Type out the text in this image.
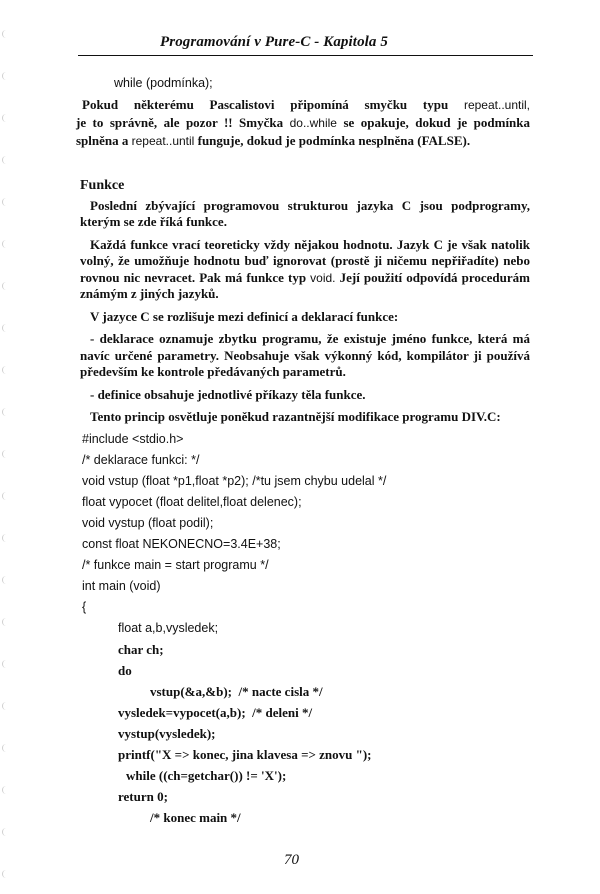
Programování v Pure-C - Kapitola 5
while (podmínka);

Pokud některému Pascalistovi připomíná smyčku typu repeat..until,
je to správně, ale pozor !! Smyčka do..while se opakuje, dokud je podmínka
splněna a repeat..until funguje, dokud je podmínka nesplněna (FALSE).

Funkce

Poslední zbývající programovou strukturou jazyka C jsou podprogramy, kterým se zde říká funkce.

Každá funkce vrací teoreticky vždy nějakou hodnotu. Jazyk C je však natolik volný, že umožňuje hodnotu buď ignorovat (prostě ji ničemu nepřiřadíte) nebo rovnou nic nevracet. Pak má funkce typ void. Její použití odpovídá procedurám známým z jiných jazyků.

V jazyce C se rozlišuje mezi definicí a deklarací funkce:

- deklarace oznamuje zbytku programu, že existuje jméno funkce, která má navíc určené parametry. Neobsahuje však výkonný kód, kompilátor ji používá především ke kontrole předávaných parametrů.

- definice obsahuje jednotlivé příkazy těla funkce.

Tento princip osvětluje poněkud razantnější modifikace programu DIV.C:

#include <stdio.h>
/* deklarace funkci: */
void vstup (float *p1,float *p2); /*tu jsem chybu udelal */
float vypocet (float delitel,float delenec);
void vystup (float podil);
const float NEKONECNO=3.4E+38;
/* funkce main = start programu */
int main (void)
{
float a,b,vysledek;
char ch;
do
vstup(&a,&b);  /* nacte cisla */
vysledek=vypocet(a,b);  /* deleni */
vystup(vysledek);
printf("X => konec, jina klavesa => znovu ");
while ((ch=getchar()) != 'X');
return 0;
/* konec main */
70
